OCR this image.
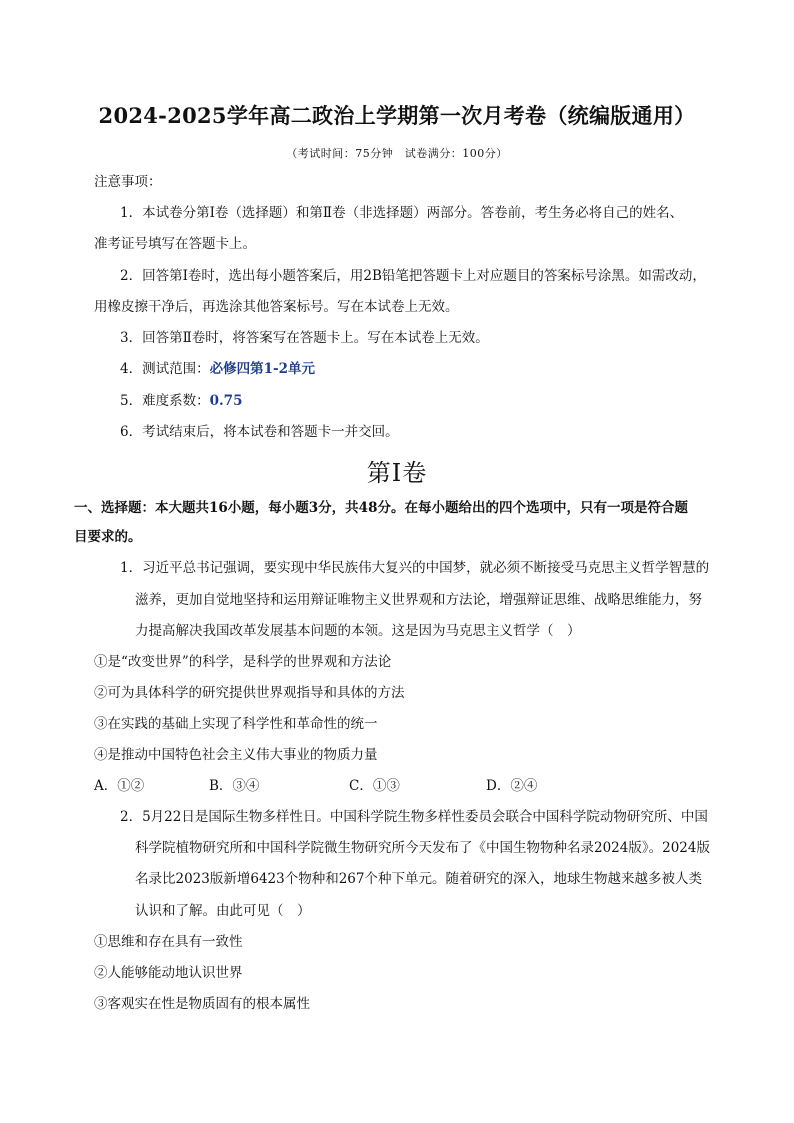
2024-2025学年高二政治上学期第一次月考卷（统编版通用）
（考试时间：75分钟　试卷满分：100分）
注意事项：
1．本试卷分第Ⅰ卷（选择题）和第Ⅱ卷（非选择题）两部分。答卷前，考生务必将自己的姓名、
准考证号填写在答题卡上。
2．回答第Ⅰ卷时，选出每小题答案后，用2B铅笔把答题卡上对应题目的答案标号涂黑。如需改动，
用橡皮擦干净后，再选涂其他答案标号。写在本试卷上无效。
3．回答第Ⅱ卷时，将答案写在答题卡上。写在本试卷上无效。
4．测试范围：必修四第1-2单元
5．难度系数：0.75
6．考试结束后，将本试卷和答题卡一并交回。
第Ⅰ卷
一、选择题：本大题共16小题，每小题3分，共48分。在每小题给出的四个选项中，只有一项是符合题
目要求的。
1．习近平总书记强调，要实现中华民族伟大复兴的中国梦，就必须不断接受马克思主义哲学智慧的
滋养，更加自觉地坚持和运用辩证唯物主义世界观和方法论，增强辩证思维、战略思维能力，努
力提高解决我国改革发展基本问题的本领。这是因为马克思主义哲学（　）
①是“改变世界”的科学，是科学的世界观和方法论
②可为具体科学的研究提供世界观指导和具体的方法
③在实践的基础上实现了科学性和革命性的统一
④是推动中国特色社会主义伟大事业的物质力量
A．①②	B．③④	C．①③	D．②④
2．5月22日是国际生物多样性日。中国科学院生物多样性委员会联合中国科学院动物研究所、中国
科学院植物研究所和中国科学院微生物研究所今天发布了《中国生物物种名录2024版》。2024版
名录比2023版新增6423个物种和267个种下单元。随着研究的深入，地球生物越来越多被人类
认识和了解。由此可见（　）
①思维和存在具有一致性
②人能够能动地认识世界
③客观实在性是物质固有的根本属性
